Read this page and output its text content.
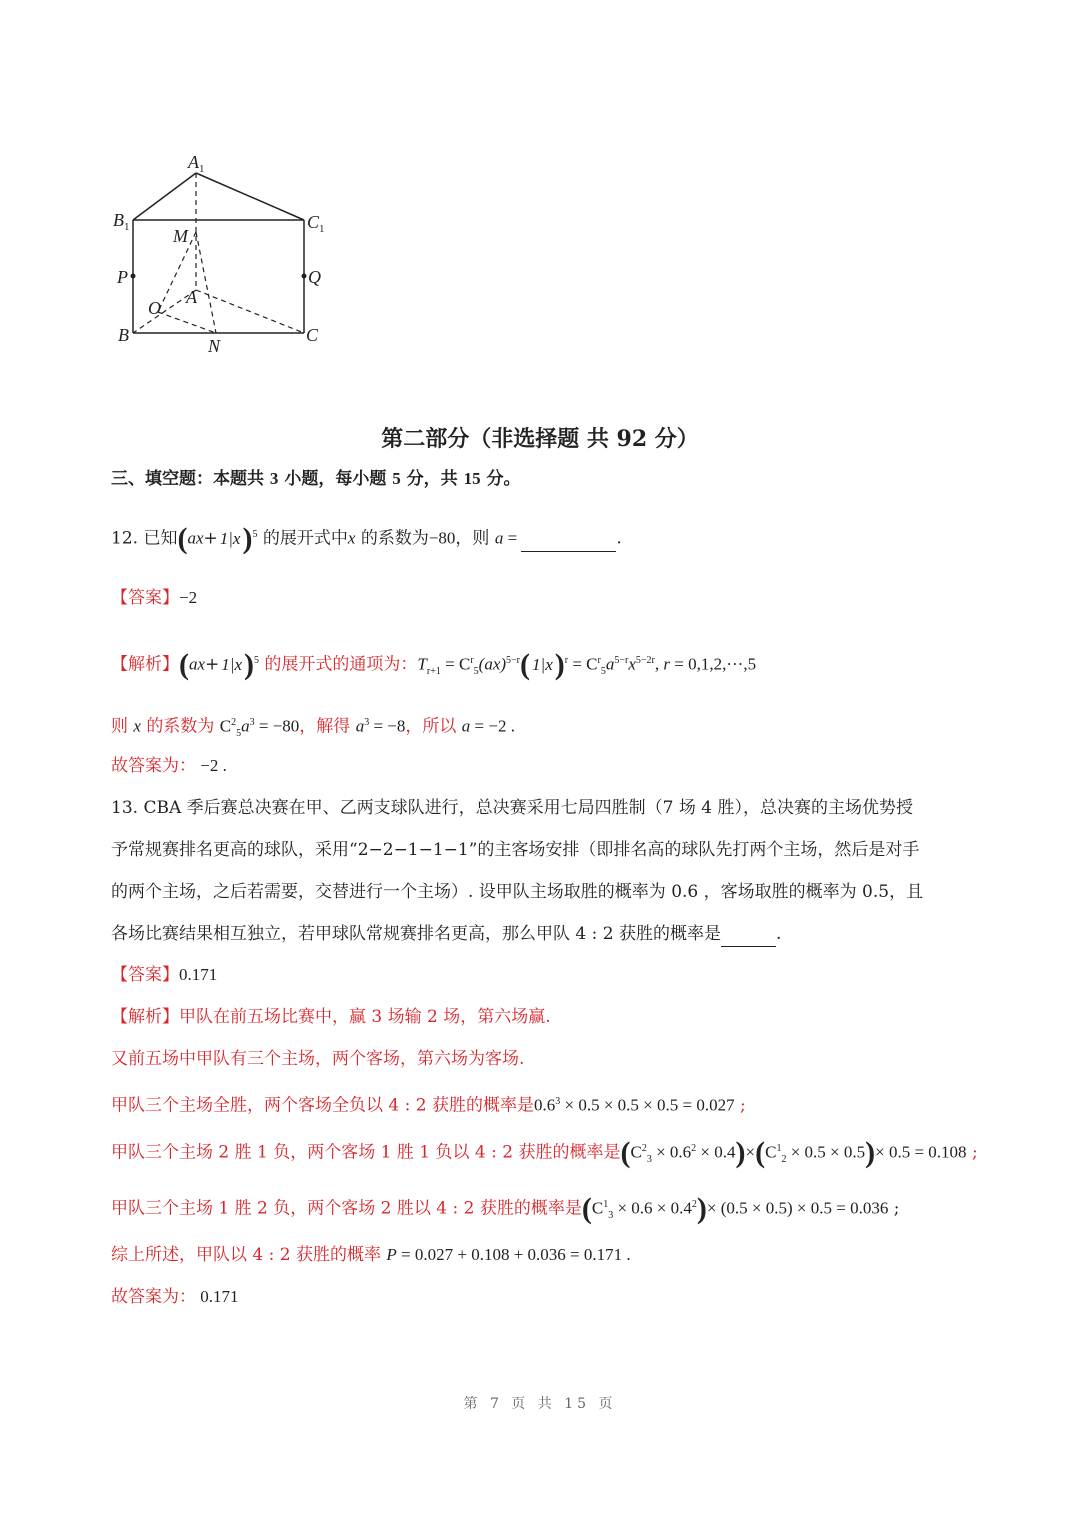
$A_1$
$B_1$	$C_1$
M
P	Q
O
A
B	C
N
第二部分（非选择题 共 92 分）
三、填空题：本题共 3 小题，每小题 5 分，共 15 分。
12. 已知$(ax+ 1|x)^5$ 的展开式中x 的系数为−80，则 a =	.
【答案】−2
【解析】$(ax+ 1|x)^5$ 的展开式的通项为：$T_{r+1} = C^r_5(ax)^{5-r}$( $1|x)^r = C^r_5a^{5-r}x^{5-2r}$, r = 0,1,2,···,5
则 x 的系数为 $C^2_5a^3 = -80$，解得 $a^3 = -8$，所以 a = −2 .
故答案为： −2 .
13. CBA 季后赛总决赛在甲、乙两支球队进行，总决赛采用七局四胜制（7 场 4 胜），总决赛的主场优势授
予常规赛排名更高的球队，采用“2−2−1−1−1”的主客场安排（即排名高的球队先打两个主场，然后是对手
的两个主场，之后若需要，交替进行一个主场）. 设甲队主场取胜的概率为 0.6 ，客场取胜的概率为 0.5，且
各场比赛结果相互独立，若甲球队常规赛排名更高，那么甲队 4 : 2 获胜的概率是	.
【答案】0.171
【解析】甲队在前五场比赛中，赢 3 场输 2 场，第六场赢.
又前五场中甲队有三个主场，两个客场，第六场为客场.
甲队三个主场全胜，两个客场全负以 4 : 2 获胜的概率是$0.6^3 \times 0.5 \times 0.5 \times 0.5 = 0.027$ ;
甲队三个主场 2 胜 1 负，两个客场 1 胜 1 负以 4 : 2 获胜的概率是$(C^2_3 \times 0.6^2 \times 0.4)\times(C^1_2 \times 0.5 \times 0.5)\times 0.5 = 0.108$ ;
甲队三个主场 1 胜 2 负，两个客场 2 胜以 4 : 2 获胜的概率是$(C^1_3 \times 0.6 \times 0.4^2)\times (0.5 \times 0.5) \times 0.5 = 0.036$ ;
综上所述，甲队以 4 : 2 获胜的概率 P = 0.027 + 0.108 + 0.036 = 0.171 .
故答案为： 0.171
第 7 页 共 15 页
